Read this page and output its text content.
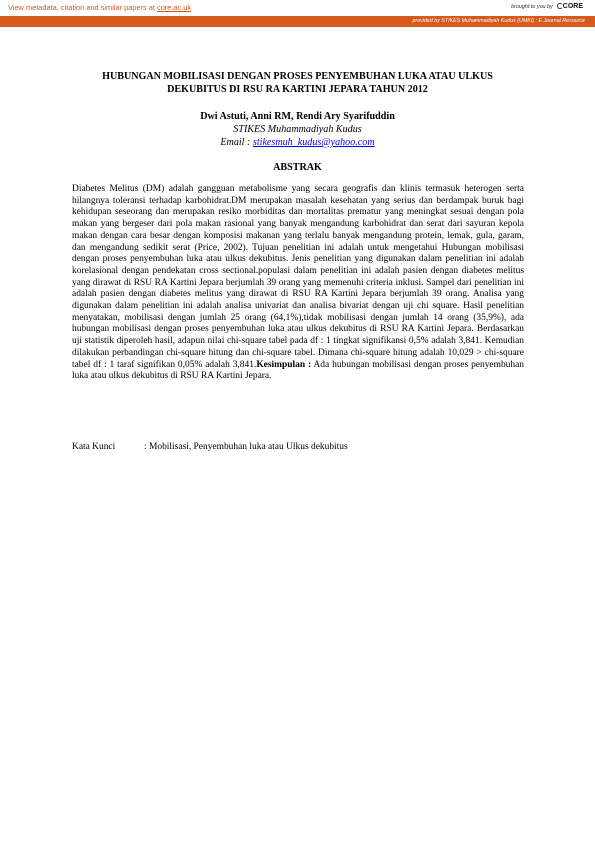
View metadata, citation and similar papers at core.ac.uk	brought to you by CORE
provided by STIKES Muhammadiyah Kudus (UMKI) : E Journal Resource
HUBUNGAN MOBILISASI DENGAN PROSES PENYEMBUHAN LUKA ATAU ULKUS
DEKUBITUS DI RSU RA KARTINI JEPARA TAHUN 2012
Dwi Astuti, Anni RM, Rendi Ary Syarifuddin
STIKES Muhammadiyah Kudus
Email : stikesmuh_kudus@yahoo.com
ABSTRAK

Diabetes Melitus (DM) adalah gangguan metabolisme yang secara geografis dan klinis termasuk heterogen serta hilangnya toleransi terhadap karbohidrat.DM merupakan masalah kesehatan yang serius dan berdampak buruk bagi kehidupan seseorang dan merupakan resiko morbiditas dan mortalitas prematur yang meningkat sesuai dengan pola makan yang bergeser dari pola makan rasional yang banyak mengandung karbohidrat dan serat dari sayuran kepola makan dengan cara besar dengan komposisi makanan yang terlalu banyak mengandung protein, lemak, gula, garam, dan mengandung sedikit serat (Price, 2002). Tujuan penelitian ini adalah untuk mengetahui Hubungan mobilisasi dengan proses penyembuhan luka atau ulkus dekubitus. Jenis penelitian yang digunakan dalam penelitian ini adalah korelasional dengan pendekatan cross sectional.populasi dalam penelitian ini adalah pasien dengan diabetes melitus yang dirawat di RSU RA Kartini Jepara berjumlah 39 orang yang memenuhi criteria inklusi. Sampel dari penelitian ini adalah pasien dengan diabetes melitus yang dirawat di RSU RA Kartini Jepara berjumlah 39 orang. Analisa yang digunakan dalam penelitian ini adalah analisa univariat dan analisa bivariat dengan uji chi square. Hasil penelitian menyatakan, mobilisasi dengan jumlah 25 orang (64,1%),tidak mobilisasi dengan jumlah 14 orang (35,9%), ada hubungan mobilisasi dengan proses penyembuhan luka atau ulkus dekubitus di RSU RA Kartini Jepara. Berdasarkan uji statistik diperoleh hasil, adapun nilai chi-square tabel pada df : 1 tingkat signifikansi 0,5% adalah 3,841. Kemudian dilakukan perbandingan chi-square hitung dan chi-square tabel. Dimana chi-square hitung adalah 10,029 > chi-square tabel df : 1 taraf signifikan 0,05% adalah 3,841.Kesimpulan : Ada hubungan mobilisasi dengan proses penyembuhan luka atau ulkus dekubitus di RSU RA Kartini Jepara.

Kata Kunci	: Mobilisasi, Penyembuhan luka atau Ulkus dekubitus
